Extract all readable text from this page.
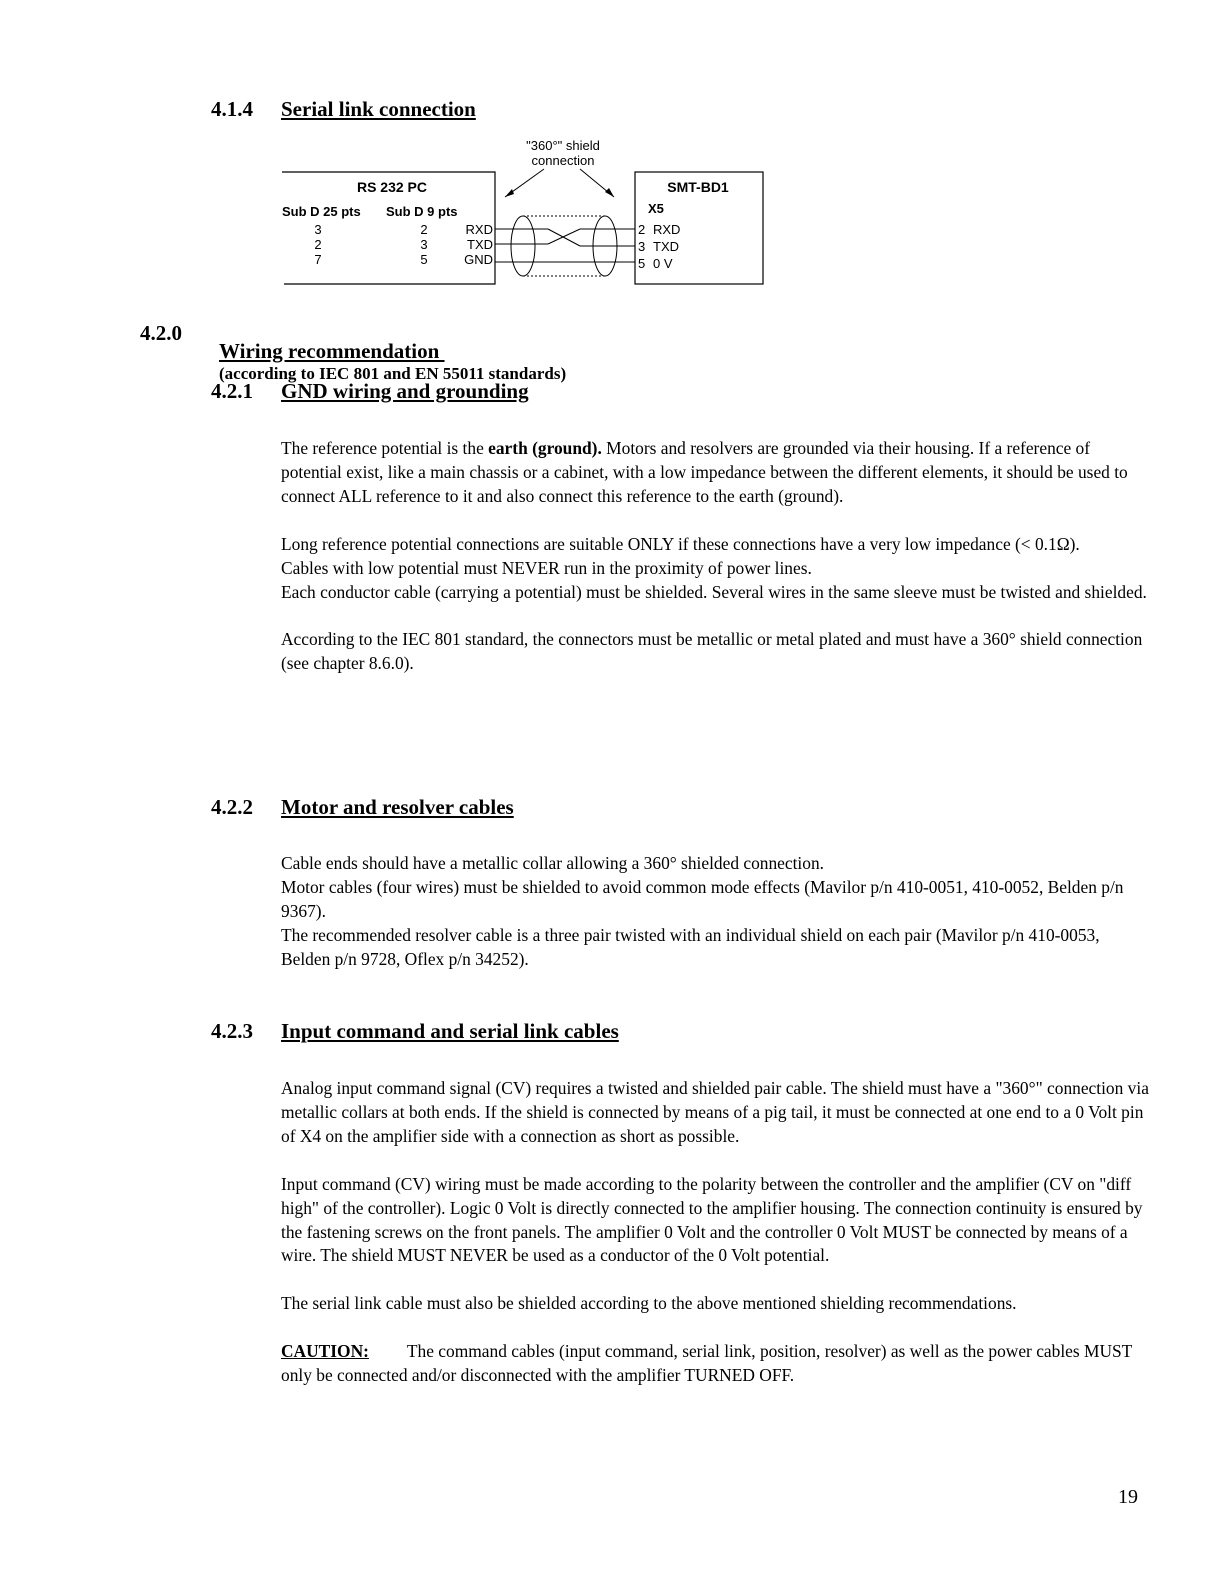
4.1.4 Serial link connection
"360°" shield
connection
RS 232 PC
Sub D 25 pts Sub D 9 pts
3
2
7
2
3
5
RXD
TXD
GND
SMT-BD1
X5
2
3
5
RXD
TXD
0 V
4.2.0

Wiring recommendation
(according to IEC 801 and EN 55011 standards)

4.2.1 GND wiring and grounding

The reference potential is the earth (ground). Motors and resolvers are grounded via their housing. If a reference of potential exist, like a main chassis or a cabinet, with a low impedance between the different elements, it should be used to connect ALL reference to it and also connect this reference to the earth (ground).

Long reference potential connections are suitable ONLY if these connections have a very low impedance (< 0.1Ω).

Cables with low potential must NEVER run in the proximity of power lines.

Each conductor cable (carrying a potential) must be shielded. Several wires in the same sleeve must be twisted and shielded.

According to the IEC 801 standard, the connectors must be metallic or metal plated and must have a 360° shield connection (see chapter 8.6.0).

4.2.2 Motor and resolver cables

Cable ends should have a metallic collar allowing a 360° shielded connection.

Motor cables (four wires) must be shielded to avoid common mode effects (Mavilor p/n 410-0051, 410-0052, Belden p/n 9367).

The recommended resolver cable is a three pair twisted with an individual shield on each pair (Mavilor p/n 410-0053, Belden p/n 9728, Oflex p/n 34252).

4.2.3 Input command and serial link cables

Analog input command signal (CV) requires a twisted and shielded pair cable. The shield must have a "360°" connection via metallic collars at both ends. If the shield is connected by means of a pig tail, it must be connected at one end to a 0 Volt pin of X4 on the amplifier side with a connection as short as possible.

Input command (CV) wiring must be made according to the polarity between the controller and the amplifier (CV on "diff high" of the controller). Logic 0 Volt is directly connected to the amplifier housing. The connection continuity is ensured by the fastening screws on the front panels. The amplifier 0 Volt and the controller 0 Volt MUST be connected by means of a wire. The shield MUST NEVER be used as a conductor of the 0 Volt potential.

The serial link cable must also be shielded according to the above mentioned shielding recommendations.

CAUTION: The command cables (input command, serial link, position, resolver) as well as the power cables MUST only be connected and/or disconnected with the amplifier TURNED OFF.

19
